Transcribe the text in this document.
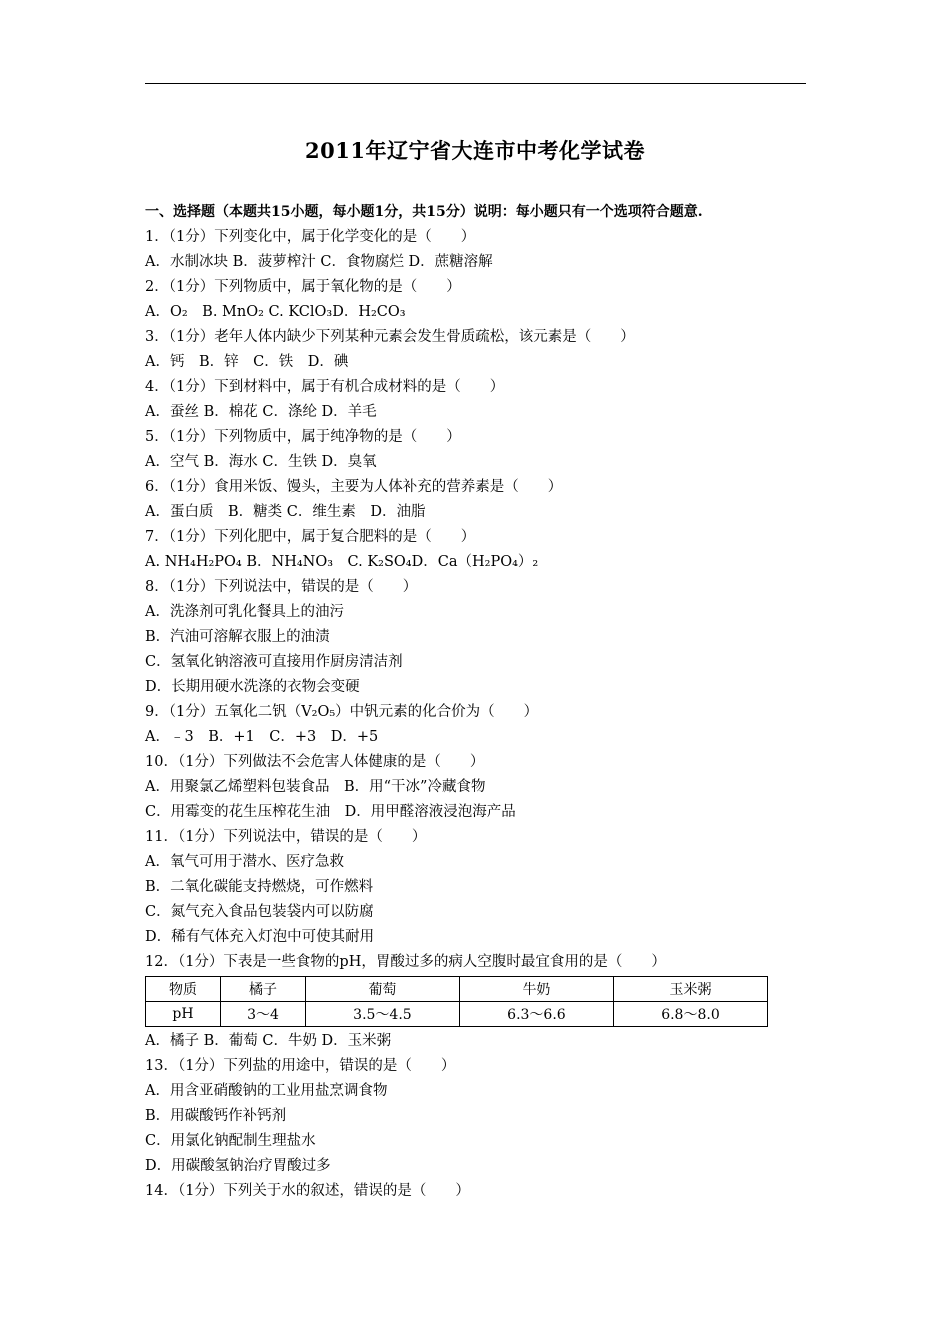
2011年辽宁省大连市中考化学试卷
一、选择题（本题共15小题，每小题1分，共15分）说明：每小题只有一个选项符合题意.
1．（1分）下列变化中，属于化学变化的是（　　）
A．水制冰块 B．菠萝榨汁 C．食物腐烂 D．蔗糖溶解
2．（1分）下列物质中，属于氧化物的是（　　）
A．O₂　B. MnO₂ C. KClO₃D．H₂CO₃
3．（1分）老年人体内缺少下列某种元素会发生骨质疏松，该元素是（　　）
A．钙　B．锌　C．铁　D．碘
4．（1分）下到材料中，属于有机合成材料的是（　　）
A．蚕丝 B．棉花 C．涤纶 D．羊毛
5．（1分）下列物质中，属于纯净物的是（　　）
A．空气 B．海水 C．生铁 D．臭氧
6．（1分）食用米饭、馒头，主要为人体补充的营养素是（　　）
A．蛋白质　B．糖类 C．维生素　D．油脂
7．（1分）下列化肥中，属于复合肥料的是（　　）
A. NH₄H₂PO₄ B．NH₄NO₃　C. K₂SO₄D．Ca（H₂PO₄）₂
8．（1分）下列说法中，错误的是（　　）
A．洗涤剂可乳化餐具上的油污
B．汽油可溶解衣服上的油渍
C．氢氧化钠溶液可直接用作厨房清洁剂
D．长期用硬水洗涤的衣物会变硬
9．（1分）五氧化二钒（V₂O₅）中钒元素的化合价为（　　）
A．﹣3　B．+1　C．+3　D．+5
10．（1分）下列做法不会危害人体健康的是（　　）
A．用聚氯乙烯塑料包装食品　B．用“干冰”冷藏食物
C．用霉变的花生压榨花生油　D．用甲醛溶液浸泡海产品
11．（1分）下列说法中，错误的是（　　）
A．氧气可用于潜水、医疗急救
B．二氧化碳能支持燃烧，可作燃料
C．氮气充入食品包装袋内可以防腐
D．稀有气体充入灯泡中可使其耐用
12．（1分）下表是一些食物的pH，胃酸过多的病人空腹时最宜食用的是（　　）
物质	橘子	葡萄	牛奶	玉米粥
pH	3～4	3.5～4.5	6.3～6.6	6.8～8.0
A．橘子 B．葡萄 C．牛奶 D．玉米粥
13．（1分）下列盐的用途中，错误的是（　　）
A．用含亚硝酸钠的工业用盐烹调食物
B．用碳酸钙作补钙剂
C．用氯化钠配制生理盐水
D．用碳酸氢钠治疗胃酸过多
14．（1分）下列关于水的叙述，错误的是（　　）
